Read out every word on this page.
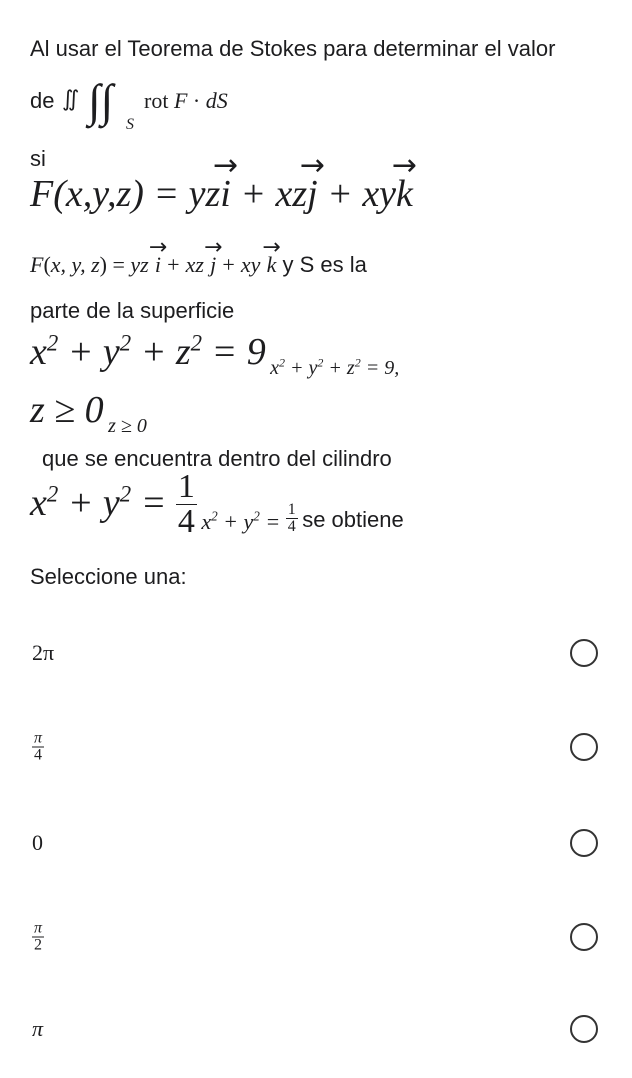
Al usar el Teorema de Stokes para determinar el valor
de ∬ ∫∫ S
rot F · dS
si
F(x,y,z) = yz→ i + xz→ j + xy→ k
F(x, y, z) = yz → i + xz → j + xy → k y S es la
parte de la superficie
$x^2 + y^2 + z^2 = 9$ $x^2 + y^2 + z^2 = 9$,
z ≥ 0 z ≥ 0
que se encuentra dentro del cilindro
$x^2 + y^2 = \frac{1}{4} x^2 + y^2 = \frac{1}{4}$ se obtiene
Seleccione una:
2π
$\frac{\pi}{4}$
0
$\frac{\pi}{2}$
π
